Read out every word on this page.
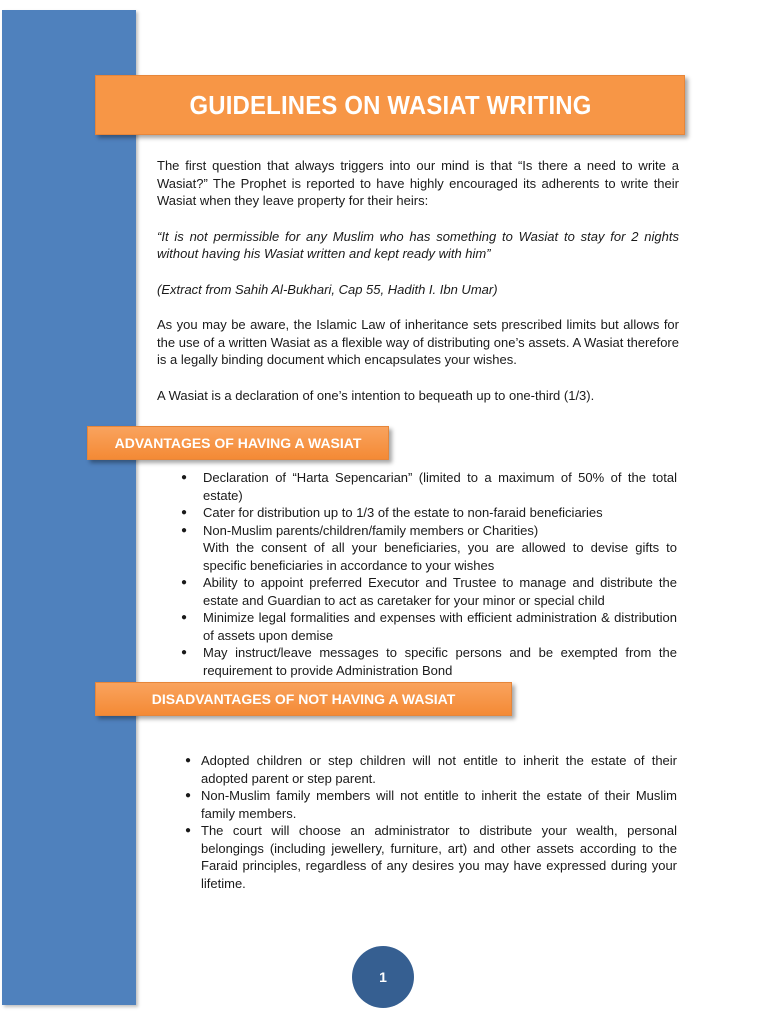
GUIDELINES ON WASIAT WRITING

The first question that always triggers into our mind is that “Is there a need to write a Wasiat?” The Prophet is reported to have highly encouraged its adherents to write their Wasiat when they leave property for their heirs:

“It is not permissible for any Muslim who has something to Wasiat to stay for 2 nights without having his Wasiat written and kept ready with him”

(Extract from Sahih Al-Bukhari, Cap 55, Hadith I. Ibn Umar)

As you may be aware, the Islamic Law of inheritance sets prescribed limits but allows for the use of a written Wasiat as a flexible way of distributing one’s assets. A Wasiat therefore is a legally binding document which encapsulates your wishes.

A Wasiat is a declaration of one’s intention to bequeath up to one-third (1/3).

ADVANTAGES OF HAVING A WASIAT
● Declaration of “Harta Sepencarian” (limited to a maximum of 50% of the total estate)
● Cater for distribution up to 1/3 of the estate to non-faraid beneficiaries
● Non-Muslim parents/children/family members or Charities)
With the consent of all your beneficiaries, you are allowed to devise gifts to specific beneficiaries in accordance to your wishes
● Ability to appoint preferred Executor and Trustee to manage and distribute the estate and Guardian to act as caretaker for your minor or special child
● Minimize legal formalities and expenses with efficient administration & distribution of assets upon demise
● May instruct/leave messages to specific persons and be exempted from the requirement to provide Administration Bond
DISADVANTAGES OF NOT HAVING A WASIAT
● Adopted children or step children will not entitle to inherit the estate of their adopted parent or step parent.
● Non-Muslim family members will not entitle to inherit the estate of their Muslim family members.
● The court will choose an administrator to distribute your wealth, personal belongings (including jewellery, furniture, art) and other assets according to the Faraid principles, regardless of any desires you may have expressed during your lifetime.
1
